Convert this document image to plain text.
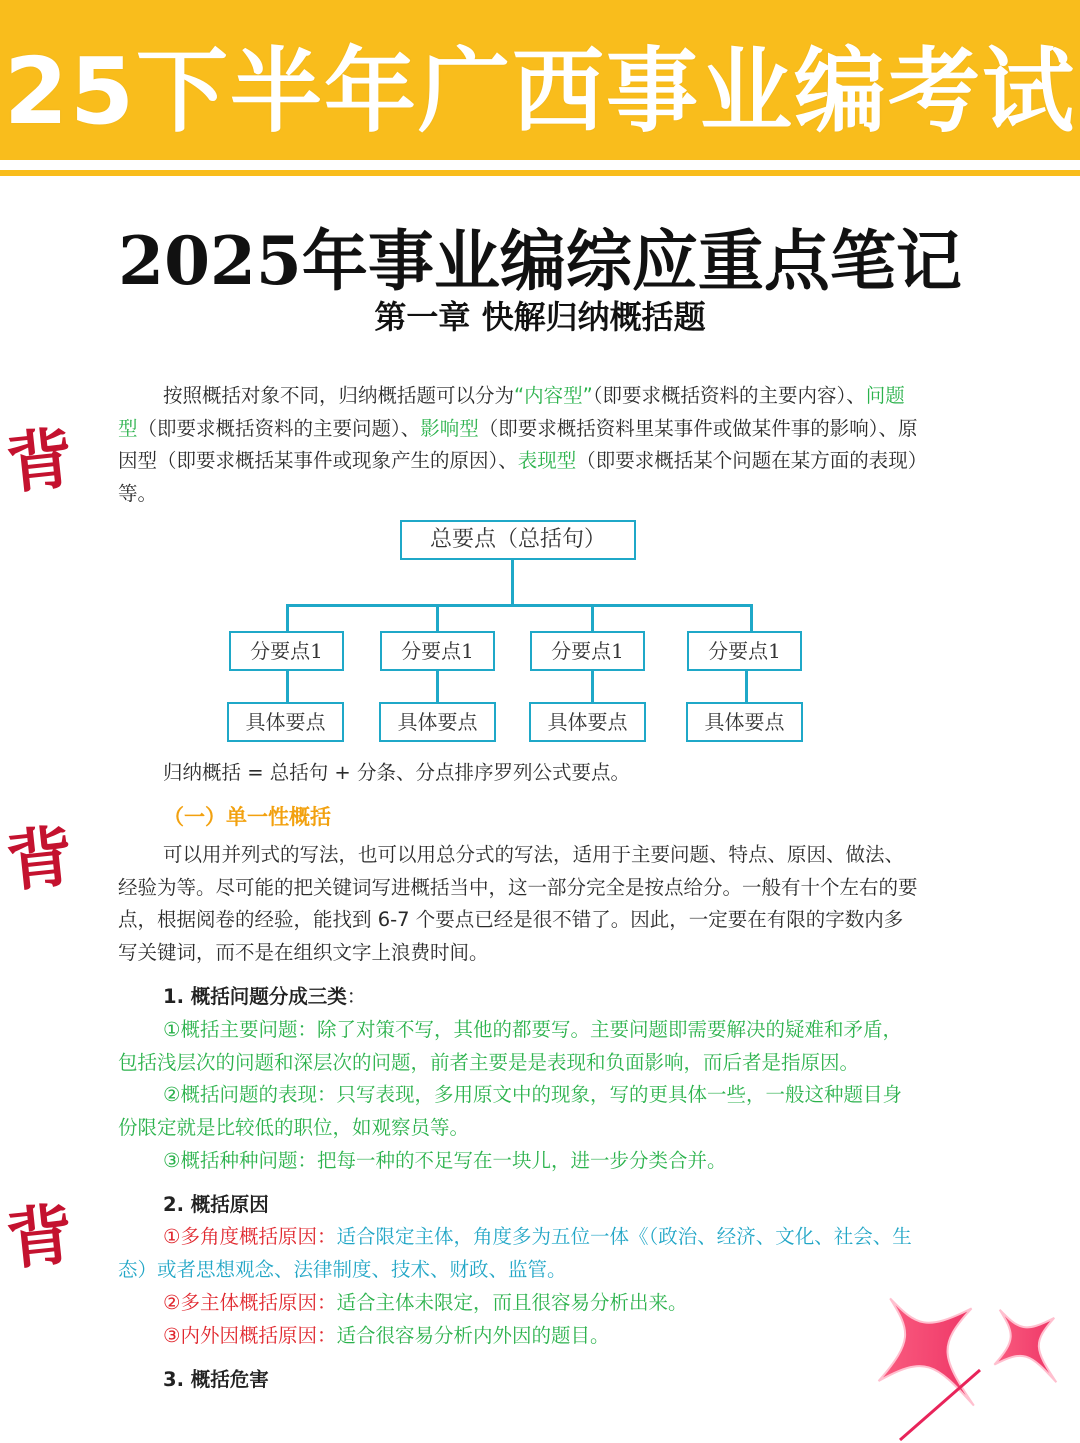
25下半年广西事业编考试
2025年事业编综应重点笔记
第一章 快解归纳概括题
背
背
背
按照概括对象不同，归纳概括题可以分为“内容型”（即要求概括资料的主要内容）、问题型（即要求概括资料的主要问题）、影响型（即要求概括资料里某事件或做某件事的影响）、原因型（即要求概括某事件或现象产生的原因）、表现型（即要求概括某个问题在某方面的表现）等。
总要点（总括句）
分要点1	分要点1	分要点1	分要点1
具体要点	具体要点	具体要点	具体要点
归纳概括 = 总括句 + 分条、分点排序罗列公式要点。
（一）单一性概括
可以用并列式的写法，也可以用总分式的写法，适用于主要问题、特点、原因、做法、经验为等。尽可能的把关键词写进概括当中，这一部分完全是按点给分。一般有十个左右的要点，根据阅卷的经验，能找到 6-7 个要点已经是很不错了。因此，一定要在有限的字数内多写关键词，而不是在组织文字上浪费时间。
1. 概括问题分成三类：
①概括主要问题：除了对策不写，其他的都要写。主要问题即需要解决的疑难和矛盾，包括浅层次的问题和深层次的问题，前者主要是是表现和负面影响，而后者是指原因。
②概括问题的表现：只写表现，多用原文中的现象，写的更具体一些，一般这种题目身份限定就是比较低的职位，如观察员等。
③概括种种问题：把每一种的不足写在一块儿，进一步分类合并。
2. 概括原因
①多角度概括原因：适合限定主体，角度多为五位一体《（政治、经济、文化、社会、生态）或者思想观念、法律制度、技术、财政、监管。
②多主体概括原因：适合主体未限定，而且很容易分析出来。
③内外因概括原因：适合很容易分析内外因的题目。
3. 概括危害
